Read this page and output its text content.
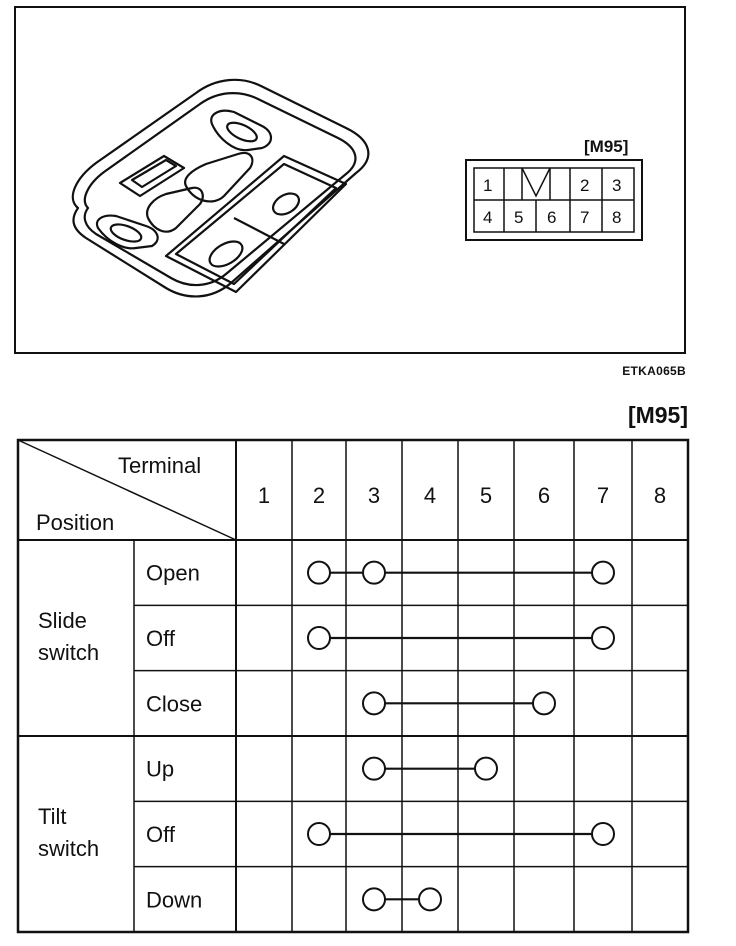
[M95]
1	2 3
4 5 6 7 8
ETKA065B
[M95]
Terminal
Position
1 2 3 4 5 6 7 8
Slide
switch
Open
Off
Close
Tilt
switch
Up
Off
Down
